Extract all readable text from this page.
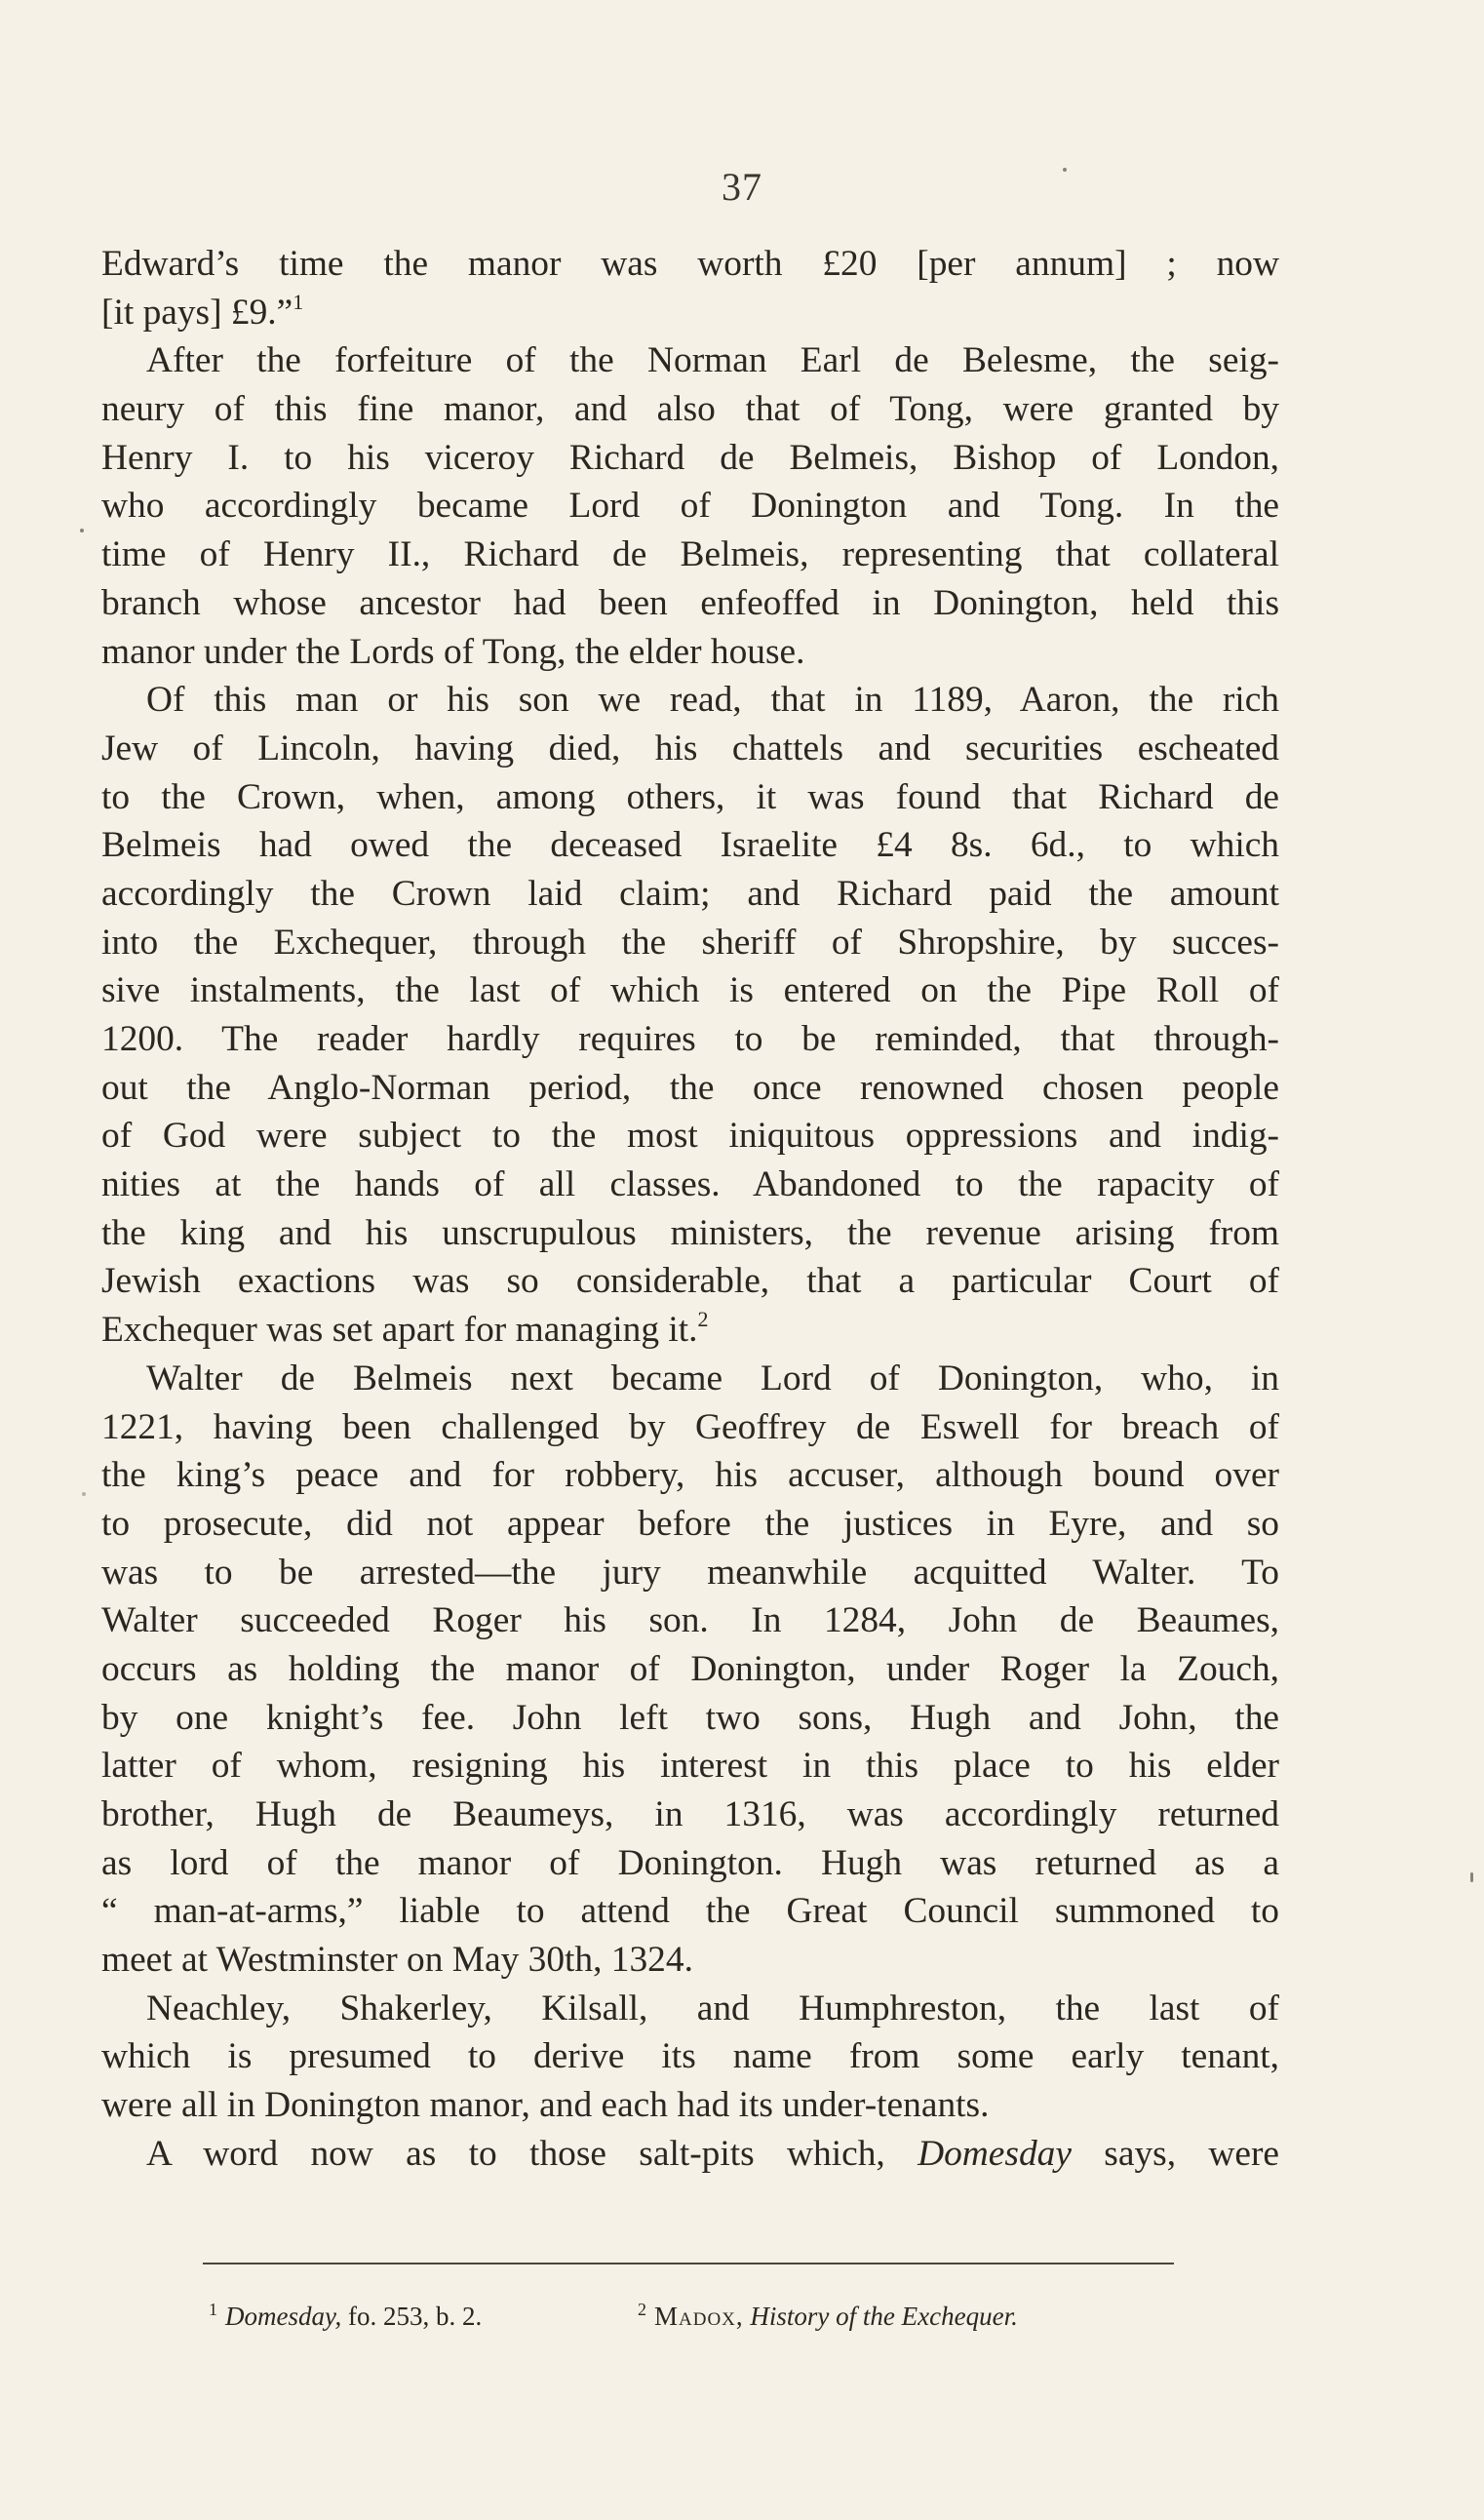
37
Edward’s time the manor was worth £20 [per annum] ; now
[it pays] £9.”$^1$
After the forfeiture of the Norman Earl de Belesme, the seig-
neury of this fine manor, and also that of Tong, were granted by
Henry I. to his viceroy Richard de Belmeis, Bishop of London,
who accordingly became Lord of Donington and Tong. In the
time of Henry II., Richard de Belmeis, representing that collateral
branch whose ancestor had been enfeoffed in Donington, held this
manor under the Lords of Tong, the elder house.
Of this man or his son we read, that in 1189, Aaron, the rich
Jew of Lincoln, having died, his chattels and securities escheated
to the Crown, when, among others, it was found that Richard de
Belmeis had owed the deceased Israelite £4 8s. 6d., to which
accordingly the Crown laid claim; and Richard paid the amount
into the Exchequer, through the sheriff of Shropshire, by succes-
sive instalments, the last of which is entered on the Pipe Roll of
1200. The reader hardly requires to be reminded, that through-
out the Anglo-Norman period, the once renowned chosen people
of God were subject to the most iniquitous oppressions and indig-
nities at the hands of all classes. Abandoned to the rapacity of
the king and his unscrupulous ministers, the revenue arising from
Jewish exactions was so considerable, that a particular Court of
Exchequer was set apart for managing it.$^2$
Walter de Belmeis next became Lord of Donington, who, in
1221, having been challenged by Geoffrey de Eswell for breach of
the king’s peace and for robbery, his accuser, although bound over
to prosecute, did not appear before the justices in Eyre, and so
was to be arrested—the jury meanwhile acquitted Walter. To
Walter succeeded Roger his son. In 1284, John de Beaumes,
occurs as holding the manor of Donington, under Roger la Zouch,
by one knight’s fee. John left two sons, Hugh and John, the
latter of whom, resigning his interest in this place to his elder
brother, Hugh de Beaumeys, in 1316, was accordingly returned
as lord of the manor of Donington. Hugh was returned as a
“ man-at-arms,” liable to attend the Great Council summoned to
meet at Westminster on May 30th, 1324.
Neachley, Shakerley, Kilsall, and Humphreston, the last of
which is presumed to derive its name from some early tenant,
were all in Donington manor, and each had its under-tenants.
A word now as to those salt-pits which, Domesday says, were
$^1$ Domesday, fo. 253, b. 2.	$^2$ Madox, History of the Exchequer.
